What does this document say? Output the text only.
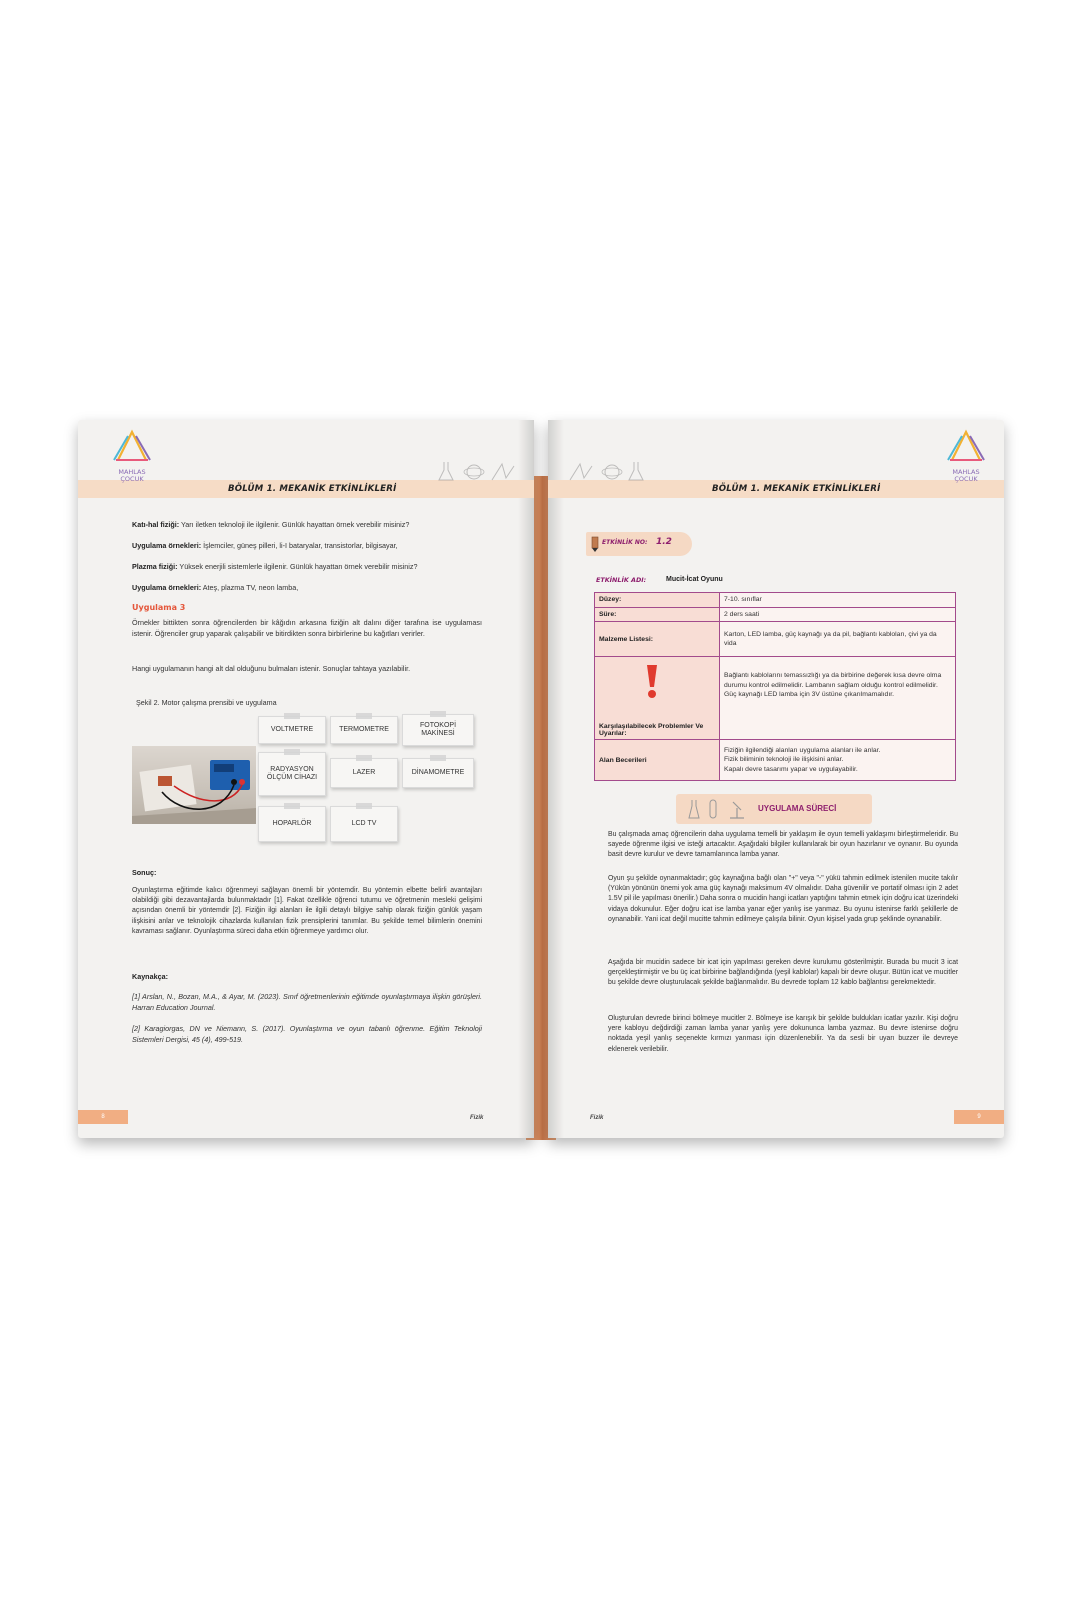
MAHLAS
ÇOCUK
BÖLÜM 1. MEKANİK ETKİNLİKLERİ
Katı-hal fiziği: Yarı iletken teknoloji ile ilgilenir. Günlük hayattan örnek verebilir misiniz?
Uygulama örnekleri: İşlemciler, güneş pilleri, li-I bataryalar, transistorlar, bilgisayar,
Plazma fiziği: Yüksek enerjili sistemlerle ilgilenir. Günlük hayattan örnek verebilir misiniz?
Uygulama örnekleri: Ateş, plazma TV, neon lamba,
Uygulama 3
Örnekler bittikten sonra öğrencilerden bir kâğıdın arkasına fiziğin alt dalını diğer tarafına ise uygulaması istenir. Öğrenciler grup yaparak çalışabilir ve bitirdikten sonra birbirlerine bu kağıtları verirler.
Hangi uygulamanın hangi alt dal olduğunu bulmaları istenir. Sonuçlar tahtaya yazılabilir.
Şekil 2. Motor çalışma prensibi ve uygulama
VOLTMETRE	TERMOMETRE
FOTOKOPİ MAKİNESİ
RADYASYON ÖLÇÜM CİHAZI
LAZER	DİNAMOMETRE
HOPARLÖR	LCD TV
Sonuç:
Oyunlaştırma eğitimde kalıcı öğrenmeyi sağlayan önemli bir yöntemdir. Bu yöntemin elbette belirli avantajları olabildiği gibi dezavantajlarda bulunmaktadır [1]. Fakat özellikle öğrenci tutumu ve öğretmenin mesleki gelişimi açısından önemli bir yöntemdir [2]. Fiziğin ilgi alanları ile ilgili detaylı bilgiye sahip olarak fiziğin günlük yaşam ilişkisini anlar ve teknolojik cihazlarda kullanılan fizik prensiplerini tanımlar. Bu şekilde temel bilimlerin önemini kavraması sağlanır. Oyunlaştırma süreci daha etkin öğrenmeye yardımcı olur.
Kaynakça:
[1] Arslan, N., Bozan, M.A., & Ayar, M. (2023). Sınıf öğretmenlerinin eğitimde oyunlaştırmaya ilişkin görüşleri. Harran Education Journal.
[2] Karagiorgas, DN ve Niemann, S. (2017). Oyunlaştırma ve oyun tabanlı öğrenme. Eğitim Teknoloji Sistemleri Dergisi, 45 (4), 499-519.
8	Fizik
MAHLAS
ÇOCUK
BÖLÜM 1. MEKANİK ETKİNLİKLERİ
ETKİNLİK NO: 1.2
ETKİNLİK ADI:	Mucit-İcat Oyunu
Düzey:	7-10. sınıflar
Süre:	2 ders saati
Malzeme Listesi:	Karton, LED lamba, güç kaynağı ya da pil, bağlantı kabloları, çivi ya da vida

Karşılaşılabilecek Problemler Ve Uyarılar:	Bağlantı kablolarını temassızlığı ya da birbirine değerek kısa devre olma durumu kontrol edilmelidir. Lambanın sağlam olduğu kontrol edilmelidir. Güç kaynağı LED lamba için 3V üstüne çıkarılmamalıdır.
Alan Becerileri	Fiziğin ilgilendiği alanları uygulama alanları ile anlar.
Fizik biliminin teknoloji ile ilişkisini anlar.
Kapalı devre tasarımı yapar ve uygulayabilir.
UYGULAMA SÜRECİ
Bu çalışmada amaç öğrencilerin daha uygulama temelli bir yaklaşım ile oyun temelli yaklaşımı birleştirmeleridir. Bu sayede öğrenme ilgisi ve isteği artacaktır. Aşağıdaki bilgiler kullanılarak bir oyun hazırlanır ve oynanır. Bu oyunda basit devre kurulur ve devre tamamlanınca lamba yanar.
Oyun şu şekilde oynanmaktadır; güç kaynağına bağlı olan "+" veya "-" yükü tahmin edilmek istenilen mucite takılır (Yükün yönünün önemi yok ama güç kaynağı maksimum 4V olmalıdır. Daha güvenilir ve portatif olması için 2 adet 1.5V pil ile yapılması önerilir.) Daha sonra o mucidin hangi icatları yaptığını tahmin etmek için doğru icat üzerindeki vidaya dokunulur. Eğer doğru icat ise lamba yanar eğer yanlış ise yanmaz. Bu oyunu istenirse farklı şekillerle de oynanabilir. Yani icat değil mucitte tahmin edilmeye çalışıla bilinir. Oyun kişisel yada grup şeklinde oynanabilir.
Aşağıda bir mucidin sadece bir icat için yapılması gereken devre kurulumu gösterilmiştir. Burada bu mucit 3 icat gerçekleştirmiştir ve bu üç icat birbirine bağlandığında (yeşil kablolar) kapalı bir devre oluşur. Bütün icat ve mucitler bu şekilde devre oluşturulacak şekilde bağlanmalıdır. Bu devrede toplam 12 kablo bağlantısı gerekmektedir.
Oluşturulan devrede birinci bölmeye mucitler 2. Bölmeye ise karışık bir şekilde buldukları icatlar yazılır. Kişi doğru yere kabloyu değdirdiği zaman lamba yanar yanlış yere dokununca lamba yazmaz. Bu devre istenirse doğru noktada yeşil yanlış seçenekte kırmızı yanması için düzenlenebilir. Ya da sesli bir uyarı buzzer ile devreye eklenerek verilebilir.
9
Fizik
